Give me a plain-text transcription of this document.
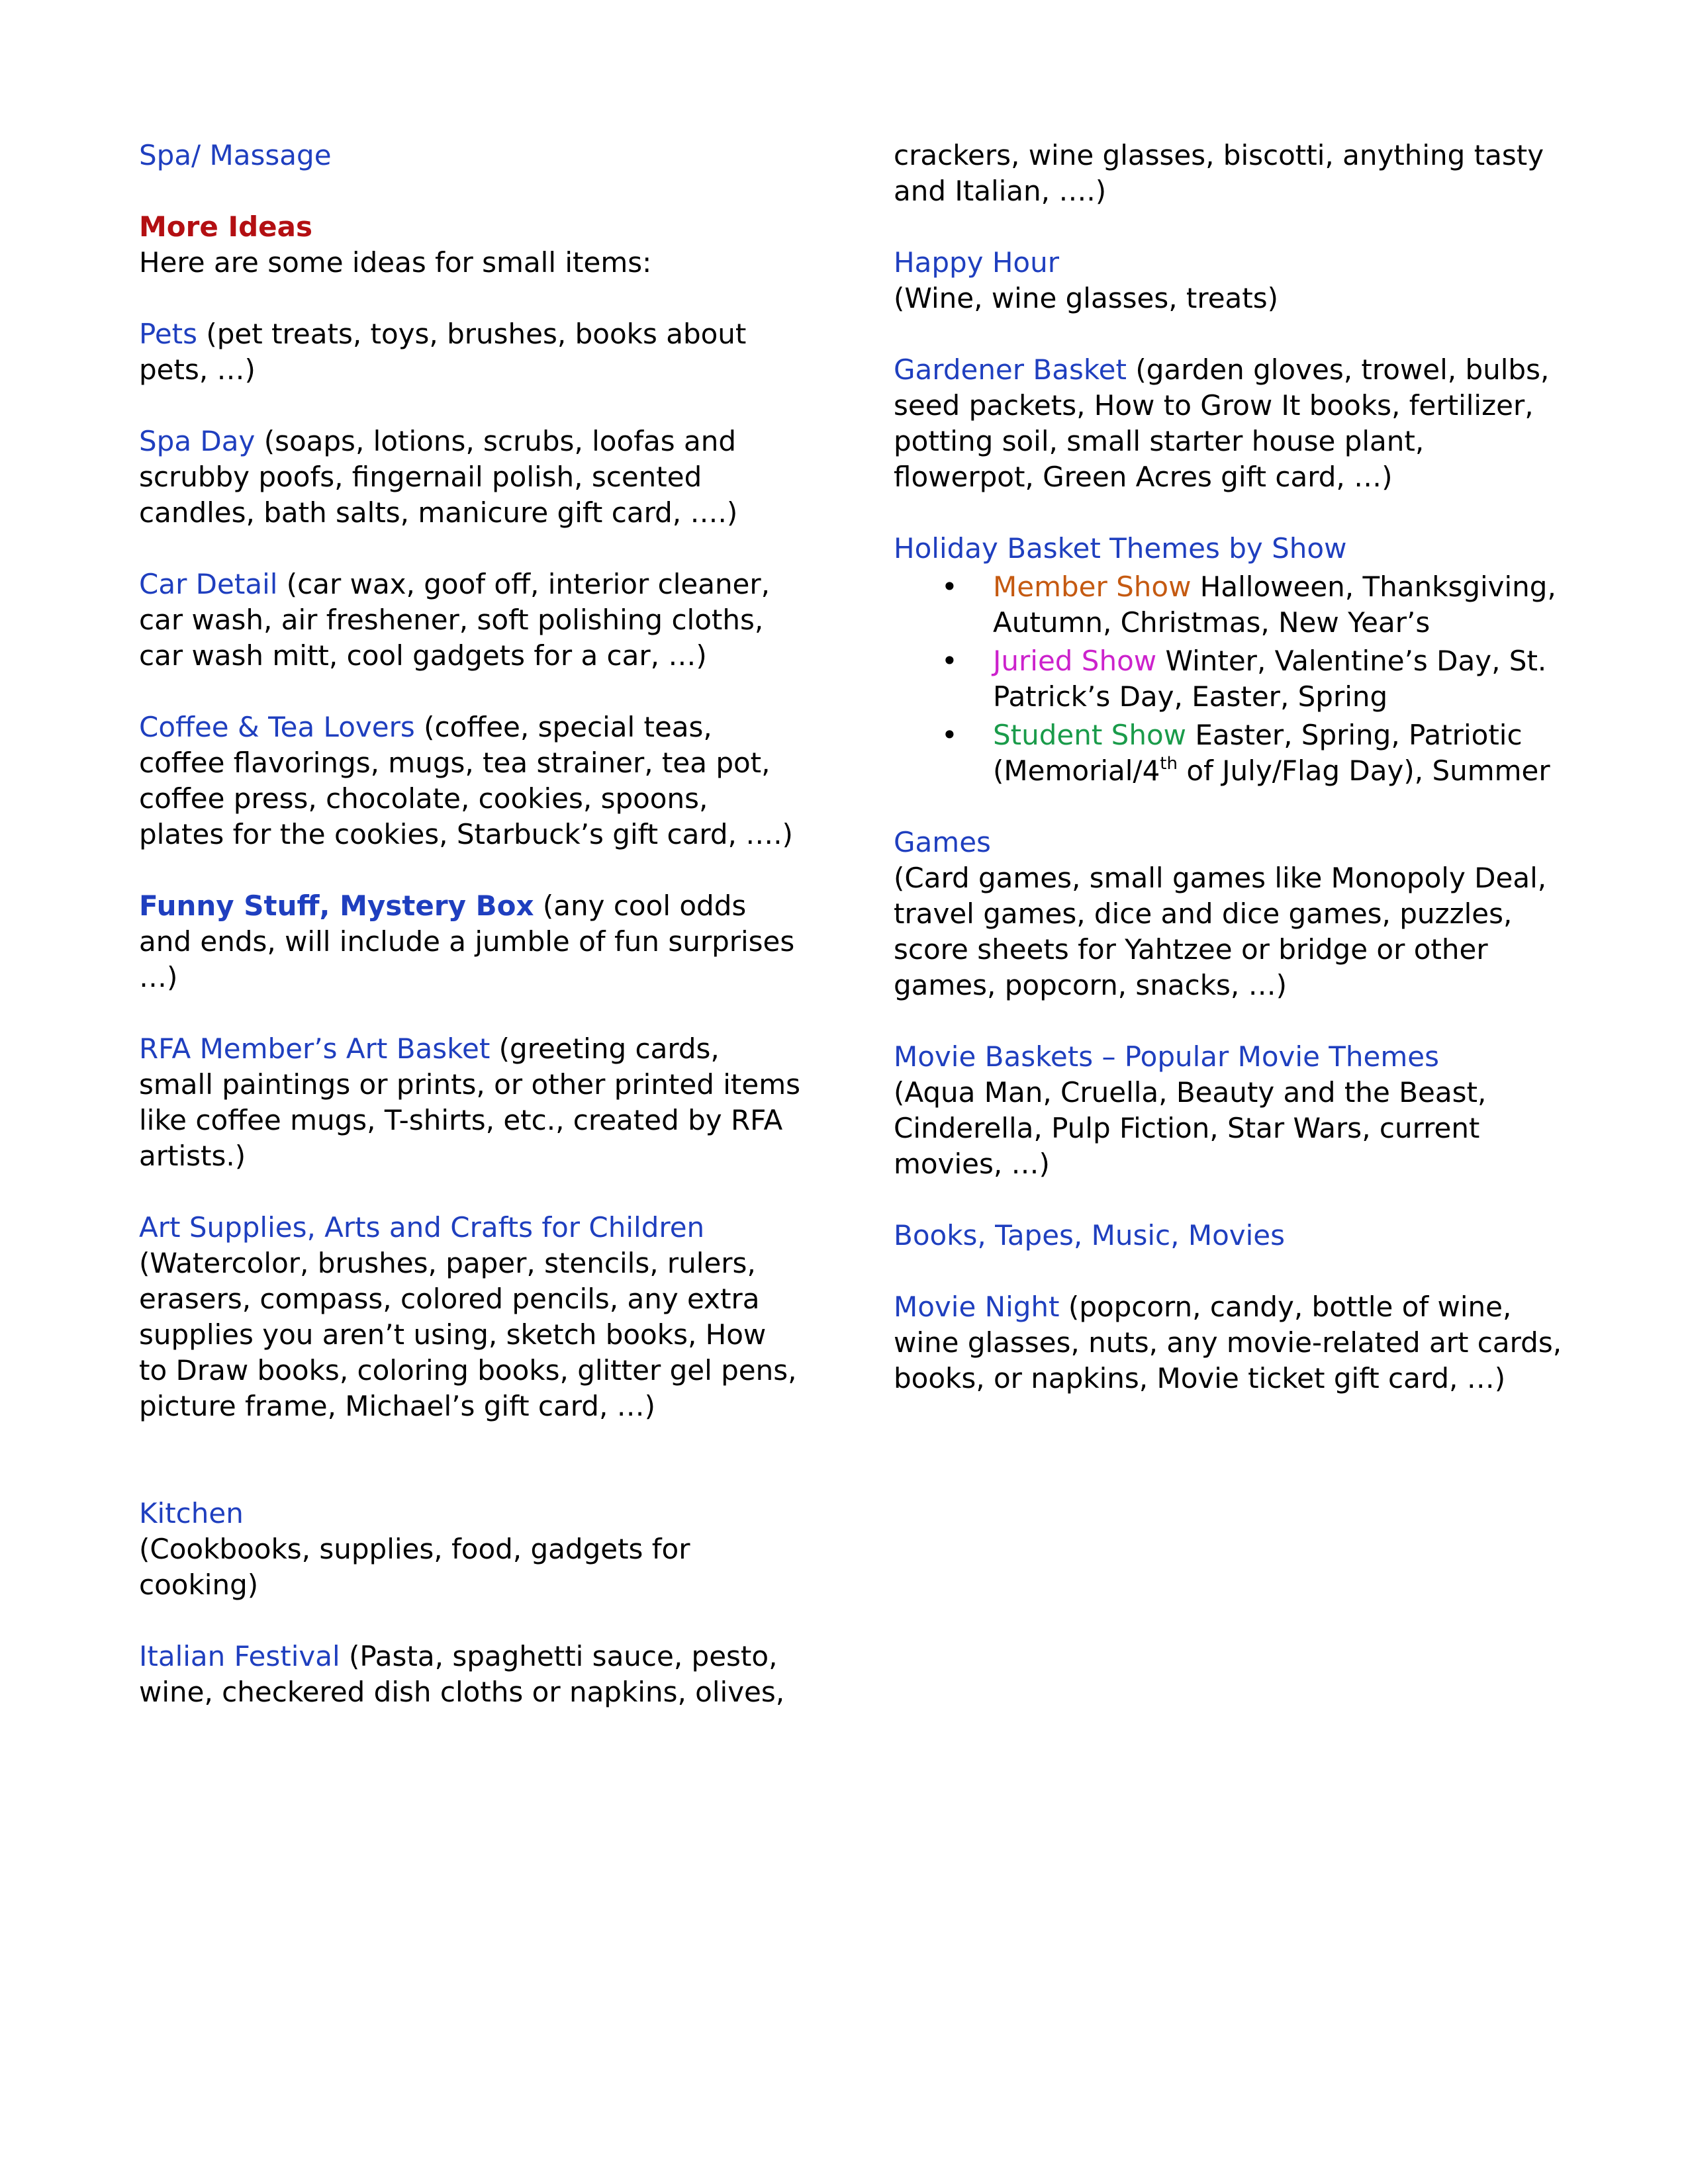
Spa/ Massage

More Ideas
Here are some ideas for small items:

Pets (pet treats, toys, brushes, books about pets, …)

Spa Day (soaps, lotions, scrubs, loofas and scrubby poofs, fingernail polish, scented candles, bath salts, manicure gift card, ….)

Car Detail (car wax, goof off, interior cleaner, car wash, air freshener, soft polishing cloths, car wash mitt, cool gadgets for a car, …)

Coffee & Tea Lovers (coffee, special teas, coffee flavorings, mugs, tea strainer, tea pot, coffee press, chocolate, cookies, spoons, plates for the cookies, Starbuck’s gift card, ….)

Funny Stuff, Mystery Box (any cool odds and ends, will include a jumble of fun surprises …)

RFA Member’s Art Basket (greeting cards, small paintings or prints, or other printed items like coffee mugs, T-shirts, etc., created by RFA artists.)

Art Supplies, Arts and Crafts for Children
(Watercolor, brushes, paper, stencils, rulers, erasers, compass, colored pencils, any extra supplies you aren’t using, sketch books, How to Draw books, coloring books, glitter gel pens, picture frame, Michael’s gift card, …)

Kitchen
(Cookbooks, supplies, food, gadgets for cooking)

Italian Festival (Pasta, spaghetti sauce, pesto, wine, checkered dish cloths or napkins, olives,

crackers, wine glasses, biscotti, anything tasty and Italian, ….)

Happy Hour
(Wine, wine glasses, treats)

Gardener Basket (garden gloves, trowel, bulbs, seed packets, How to Grow It books, fertilizer, potting soil, small starter house plant, flowerpot, Green Acres gift card, …)

Holiday Basket Themes by Show
• Member Show Halloween, Thanksgiving, Autumn, Christmas, New Year’s
• Juried Show Winter, Valentine’s Day, St. Patrick’s Day, Easter, Spring
• Student Show Easter, Spring, Patriotic (Memorial/4th of July/Flag Day), Summer

Games
(Card games, small games like Monopoly Deal, travel games, dice and dice games, puzzles, score sheets for Yahtzee or bridge or other games, popcorn, snacks, …)

Movie Baskets – Popular Movie Themes
(Aqua Man, Cruella, Beauty and the Beast, Cinderella, Pulp Fiction, Star Wars, current movies, …)

Books, Tapes, Music, Movies

Movie Night (popcorn, candy, bottle of wine, wine glasses, nuts, any movie-related art cards, books, or napkins, Movie ticket gift card, …)
